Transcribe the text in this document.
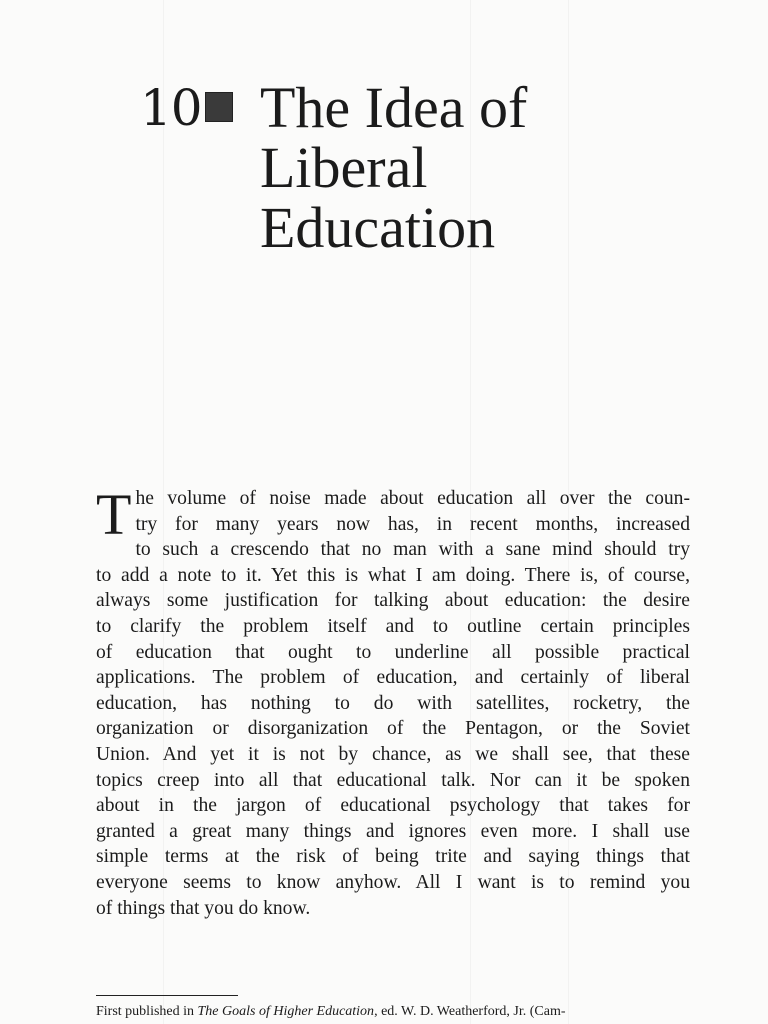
10 The Idea of
Liberal
Education
T he volume of noise made about education all over the coun-
try for many years now has, in recent months, increased
to such a crescendo that no man with a sane mind should try
to add a note to it. Yet this is what I am doing. There is, of course,
always some justification for talking about education: the desire
to clarify the problem itself and to outline certain principles
of education that ought to underline all possible practical
applications. The problem of education, and certainly of liberal
education, has nothing to do with satellites, rocketry, the
organization or disorganization of the Pentagon, or the Soviet
Union. And yet it is not by chance, as we shall see, that these
topics creep into all that educational talk. Nor can it be spoken
about in the jargon of educational psychology that takes for
granted a great many things and ignores even more. I shall use
simple terms at the risk of being trite and saying things that
everyone seems to know anyhow. All I want is to remind you
of things that you do know.
First published in The Goals of Higher Education, ed. W. D. Weatherford, Jr. (Cam-
